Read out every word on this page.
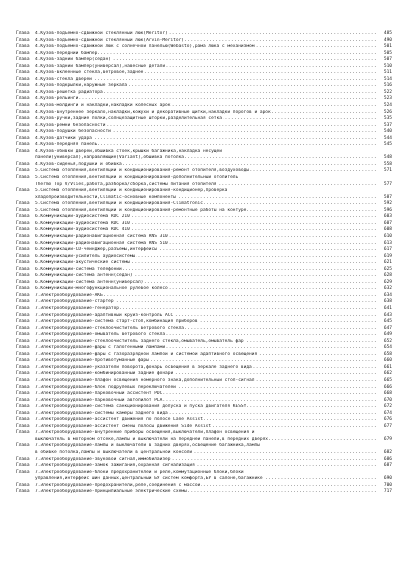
Глава	4.Кузов-подъемно-сдвижной стеклянный люк(Meritor) .....	485
Глава	4.Кузов-подъемно-сдвижной стеклянный люк(Arvin-Meritor) .....	490
Глава	4.Кузов-подъемно-сдвижной люк с солнечной панелью(Webasto),рама люка с механизмом .....	501
Глава	4.Кузов-передний бампер .....	505
Глава	4.Кузов-задний бампер(седан) .....	507
Глава	4.Кузов-задний бампер(универсал),навесные детали .....	510
Глава	4.Кузов-вклеенные стекла,ветровое,заднее .....	511
Глава	4.Кузов-стекла дверей .....	514
Глава	4.Кузов-подкрылки,наружные зеркала .....	516
Глава	4.Кузов-решетка радиатора .....	522
Глава	4.Кузов-рельинги .....	523
Глава	4.Кузов-молдинги и накладки,накладки колесных арок .....	524
Глава	4.Кузов-внутреннее зеркало,накладки,кожухи и декоративные щитки,накладки порогов и арок .....	526
Глава	4.Кузов-ручки,задние полки,солнцезащитные шторки,разделительная сетка .....	535
Глава	4.Кузов-ремни безопасности .....	537
Глава	4.Кузов-подушки безопасности .....	540
Глава	4.Кузов-датчики удара .....	544
Глава	4.Кузов-передняя панель .....	545
Глава	4.Кузов-обивки дверей,обшивка стоек,крышки багажника,накладка несущей
панели(универсал),направляющие(Variant),обшивка потолка .....	548
Глава	4.Кузов-сиденья,подушки и обивка .....	558
Глава	5.Система отопления,вентиляции и кондиционирования-ремонт отопителя,воздуховоды .....	571
Глава	5.Система отопления,вентиляции и кондиционирования-дополнительный отопитель
Thermo Top V/Vlies,работа,разборка/сборка,системы питания отопителя .....	577
Глава	5.Система отопления,вентиляции и кондиционирования-кондиционер,проверка
хладопроизводительности,Climatic-основные компоненты .....	587
Глава	5.Система отопления,вентиляции и кондиционирования-Climatronic .....	592
Глава	5.Система отопления,вентиляции и кондиционирования-ремонтные работы на контуре .....	596
Глава	6.Коммуникации-аудиосистема RDC 210 .....	603
Глава	6.Коммуникации-аудиосистема RDC 310 .....	607
Глава	6.Коммуникации-аудиосистема RDC 410 .....	608
Глава	6.Коммуникации-радионавигационная система RNS 310 .....	610
Глава	6.Коммуникации-радионавигационная система RNS 510 .....	613
Глава	6.Коммуникации-CD-чейнджер,разъемы,интерфейсы .....	617
Глава	6.Коммуникации-усилитель аудиосистемы .....	619
Глава	6.Коммуникации-акустические системы .....	621
Глава	6.Коммуникации-система телефонии .....	625
Глава	6.Коммуникации-система антенн(седан) .....	628
Глава	6.Коммуникации-система антенн(универсал) .....	629
Глава	6.Коммуникации-многофункциональное рулевое колесо .....	632
Глава	7.Электрооборудование-АКБ .....	634
Глава	7.Электрооборудование-стартер .....	638
Глава	7.Электрооборудование-генератор .....	641
Глава	7.Электрооборудование-адаптивный круиз-контроль ACC .....	643
Глава	7.Электрооборудование-система старт-стоп,комбинация приборов .....	645
Глава	7.Электрооборудование-стеклоочиститель ветрового стекла .....	647
Глава	7.Электрооборудование-омыватель ветрового стекла .....	649
Глава	7.Электрооборудование-стеклоочиститель заднего стекла,омыватель,омыватель фар .....	652
Глава	7.Электрооборудование-фары с галогенными лампами .....	654
Глава	7.Электрооборудование-фары с газоразрядной лампой и системой адаптивного освещения .....	658
Глава	7.Электрооборудование-противотуманные фары .....	660
Глава	7.Электрооборудование-указатели поворота,фонарь освещения в зеркале заднего вида .....	661
Глава	7.Электрооборудование-комбинированный задние фонари .....	662
Глава	7.Электрооборудование-плафон освещения номерного знака,дополнительный стоп-сигнал .....	665
Глава	7.Электрооборудование-блок подрулевых переключателей .....	666
Глава	7.Электрооборудование-парковочный ассистент PDC .....	668
Глава	7.Электрооборудование-парковочный автопилот PLA .....	670
Глава	7.Электрооборудование-система санкционирования допуска и пуска двигателя KESSY .....	672
Глава	7.Электрооборудование-системы камеры заднего вида .....	674
Глава	7.Электрооборудование-ассистент движения по полосе Lane Assist .....	676
Глава	7.Электрооборудование-ассистент смены полосы движения Side Assist .....	677
Глава	7.Электрооборудование-внутренние приборы освещения,выключатели,плафон освещения и
выключатель в моторном отсеке,лампы и выключатели на передней панели,в передних дверях .....	679
Глава	7.Электрооборудование-лампы и выключатели в задних дверях,освещение багажника,лампы
в обивке потолка,лампы и выключатели в центральной консоли .....	682
Глава	7.Электрооборудование-звуковой сигнал,иммобилайзер .....	686
Глава	7.Электрооборудование-замок зажигания,охранная сигнализация .....	687
Глава	7.Электрооборудование-блоки предохранителей и реле,коммутационные блоки,блоки
управления,интерфейс шин данных,центральный БУ систем комфорта,БУ в салоне,багажнике .....	690
Глава	7.Электрооборудование-предохранители,реле,соединения с массой .....	700
Глава	7.Электрооборудование-принципиальные электрические схемы .....	717
